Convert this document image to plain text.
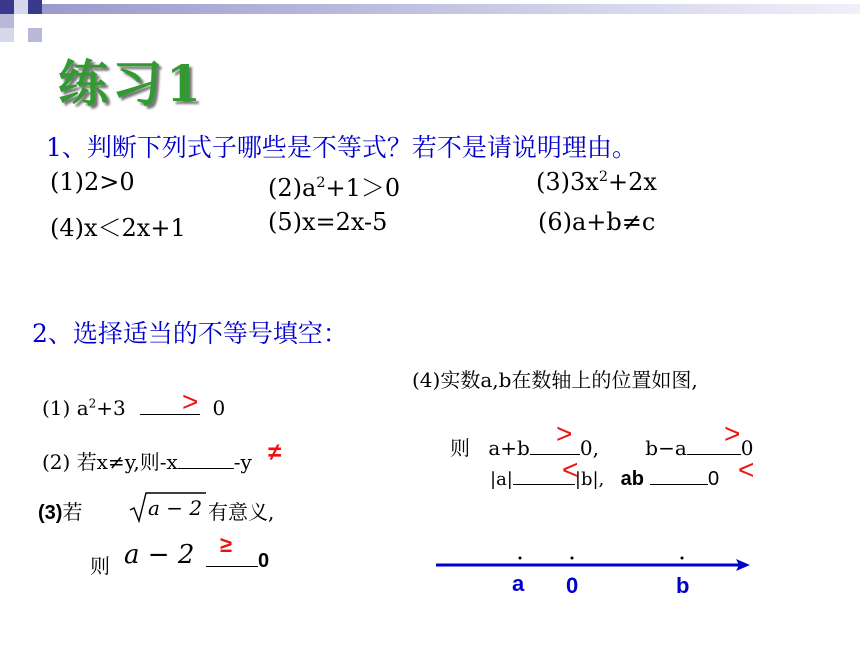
练习1
1、判断下列式子哪些是不等式？若不是请说明理由。
(1)2>0	$(2)a^2+1>0$	$(3)3x^2+2x$
(4)x＜2x+1	(5)x=2x-5	(6)a+b≠c
2、选择适当的不等号填空：
(1) $a^2+3$	0
>
(2) 若x≠y,则-x	-y ≠
(3)若	a − 2 有意义,
则 a − 2	0
≥
(4)实数a,b在数轴上的位置如图,
则 a+b	0, b−a	0
>	>
|a|	|b|, ab	0
<	<
a 0	b
